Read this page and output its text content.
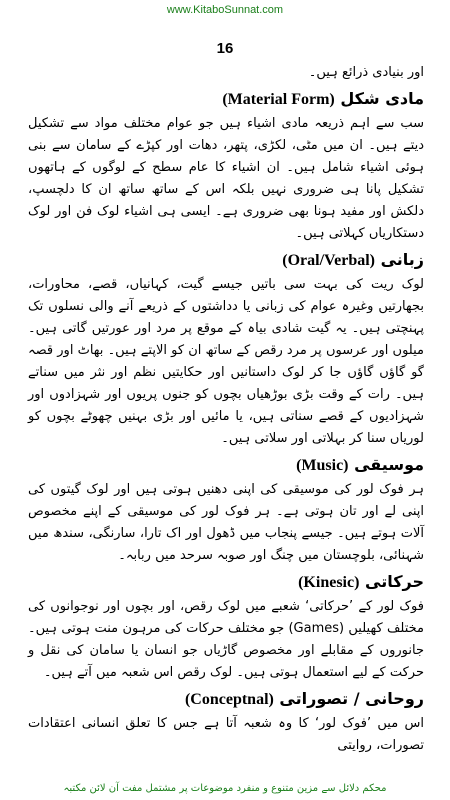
www.KitaboSunnat.com
16

اور بنیادی ذرائع ہیں۔

مادی شکل (Material Form)

سب سے اہم ذریعہ مادی اشیاء ہیں جو عوام مختلف مواد سے تشکیل دیتے ہیں۔ ان میں مٹی، لکڑی، پتھر، دھات اور کپڑے کے سامان سے بنی ہوئی اشیاء شامل ہیں۔ ان اشیاء کا عام سطح کے لوگوں کے ہاتھوں تشکیل پانا ہی ضروری نہیں بلکہ اس کے ساتھ ساتھ ان کا دلچسپ، دلکش اور مفید ہونا بھی ضروری ہے۔ ایسی ہی اشیاء لوک فن اور لوک دستکاریاں کہلاتی ہیں۔

زبانی (Oral/Verbal)

لوک ریت کی بہت سی باتیں جیسے گیت، کہانیاں، قصے، محاورات، بجھارتیں وغیرہ عوام کی زبانی یا دداشتوں کے ذریعے آنے والی نسلوں تک پہنچتی ہیں۔ یہ گیت شادی بیاہ کے موقع پر مرد اور عورتیں گاتی ہیں۔ میلوں اور عرسوں پر مرد رقص کے ساتھ ان کو الاپتے ہیں۔ بھاٹ اور قصہ گو گاؤں گاؤں جا کر لوک داستانیں اور حکایتیں نظم اور نثر میں سناتے ہیں۔ رات کے وقت بڑی بوڑھیاں بچوں کو جنوں پریوں اور شہزادوں اور شہزادیوں کے قصے سناتی ہیں، یا مائیں اور بڑی بہنیں چھوٹے بچوں کو لوریاں سنا کر بہلاتی اور سلاتی ہیں۔

موسیقی (Music)

ہر فوک لور کی موسیقی کی اپنی دھنیں ہوتی ہیں اور لوک گیتوں کی اپنی لے اور تان ہوتی ہے۔ ہر فوک لور کی موسیقی کے اپنے مخصوص آلات ہوتے ہیں۔ جیسے پنجاب میں ڈھول اور اک تارا، سارنگی، سندھ میں شہنائی، بلوچستان میں چنگ اور صوبہ سرحد میں ربابہ۔

حرکاتی (Kinesic)

فوک لور کے ’حرکاتی‘ شعبے میں لوک رقص، اور بچوں اور نوجوانوں کی مختلف کھیلیں (Games) جو مختلف حرکات کی مرہون منت ہوتی ہیں۔ جانوروں کے مقابلے اور مخصوص گاڑیاں جو انسان یا سامان کی نقل و حرکت کے لیے استعمال ہوتی ہیں۔ لوک رقص اس شعبہ میں آتے ہیں۔

روحانی / تصوراتی (Conceptnal)

اس میں ’فوک لور‘ کا وہ شعبہ آتا ہے جس کا تعلق انسانی اعتقادات تصورات، روایتی

محکم دلائل سے مزین متنوع و منفرد موضوعات پر مشتمل مفت آن لائن مکتبہ
